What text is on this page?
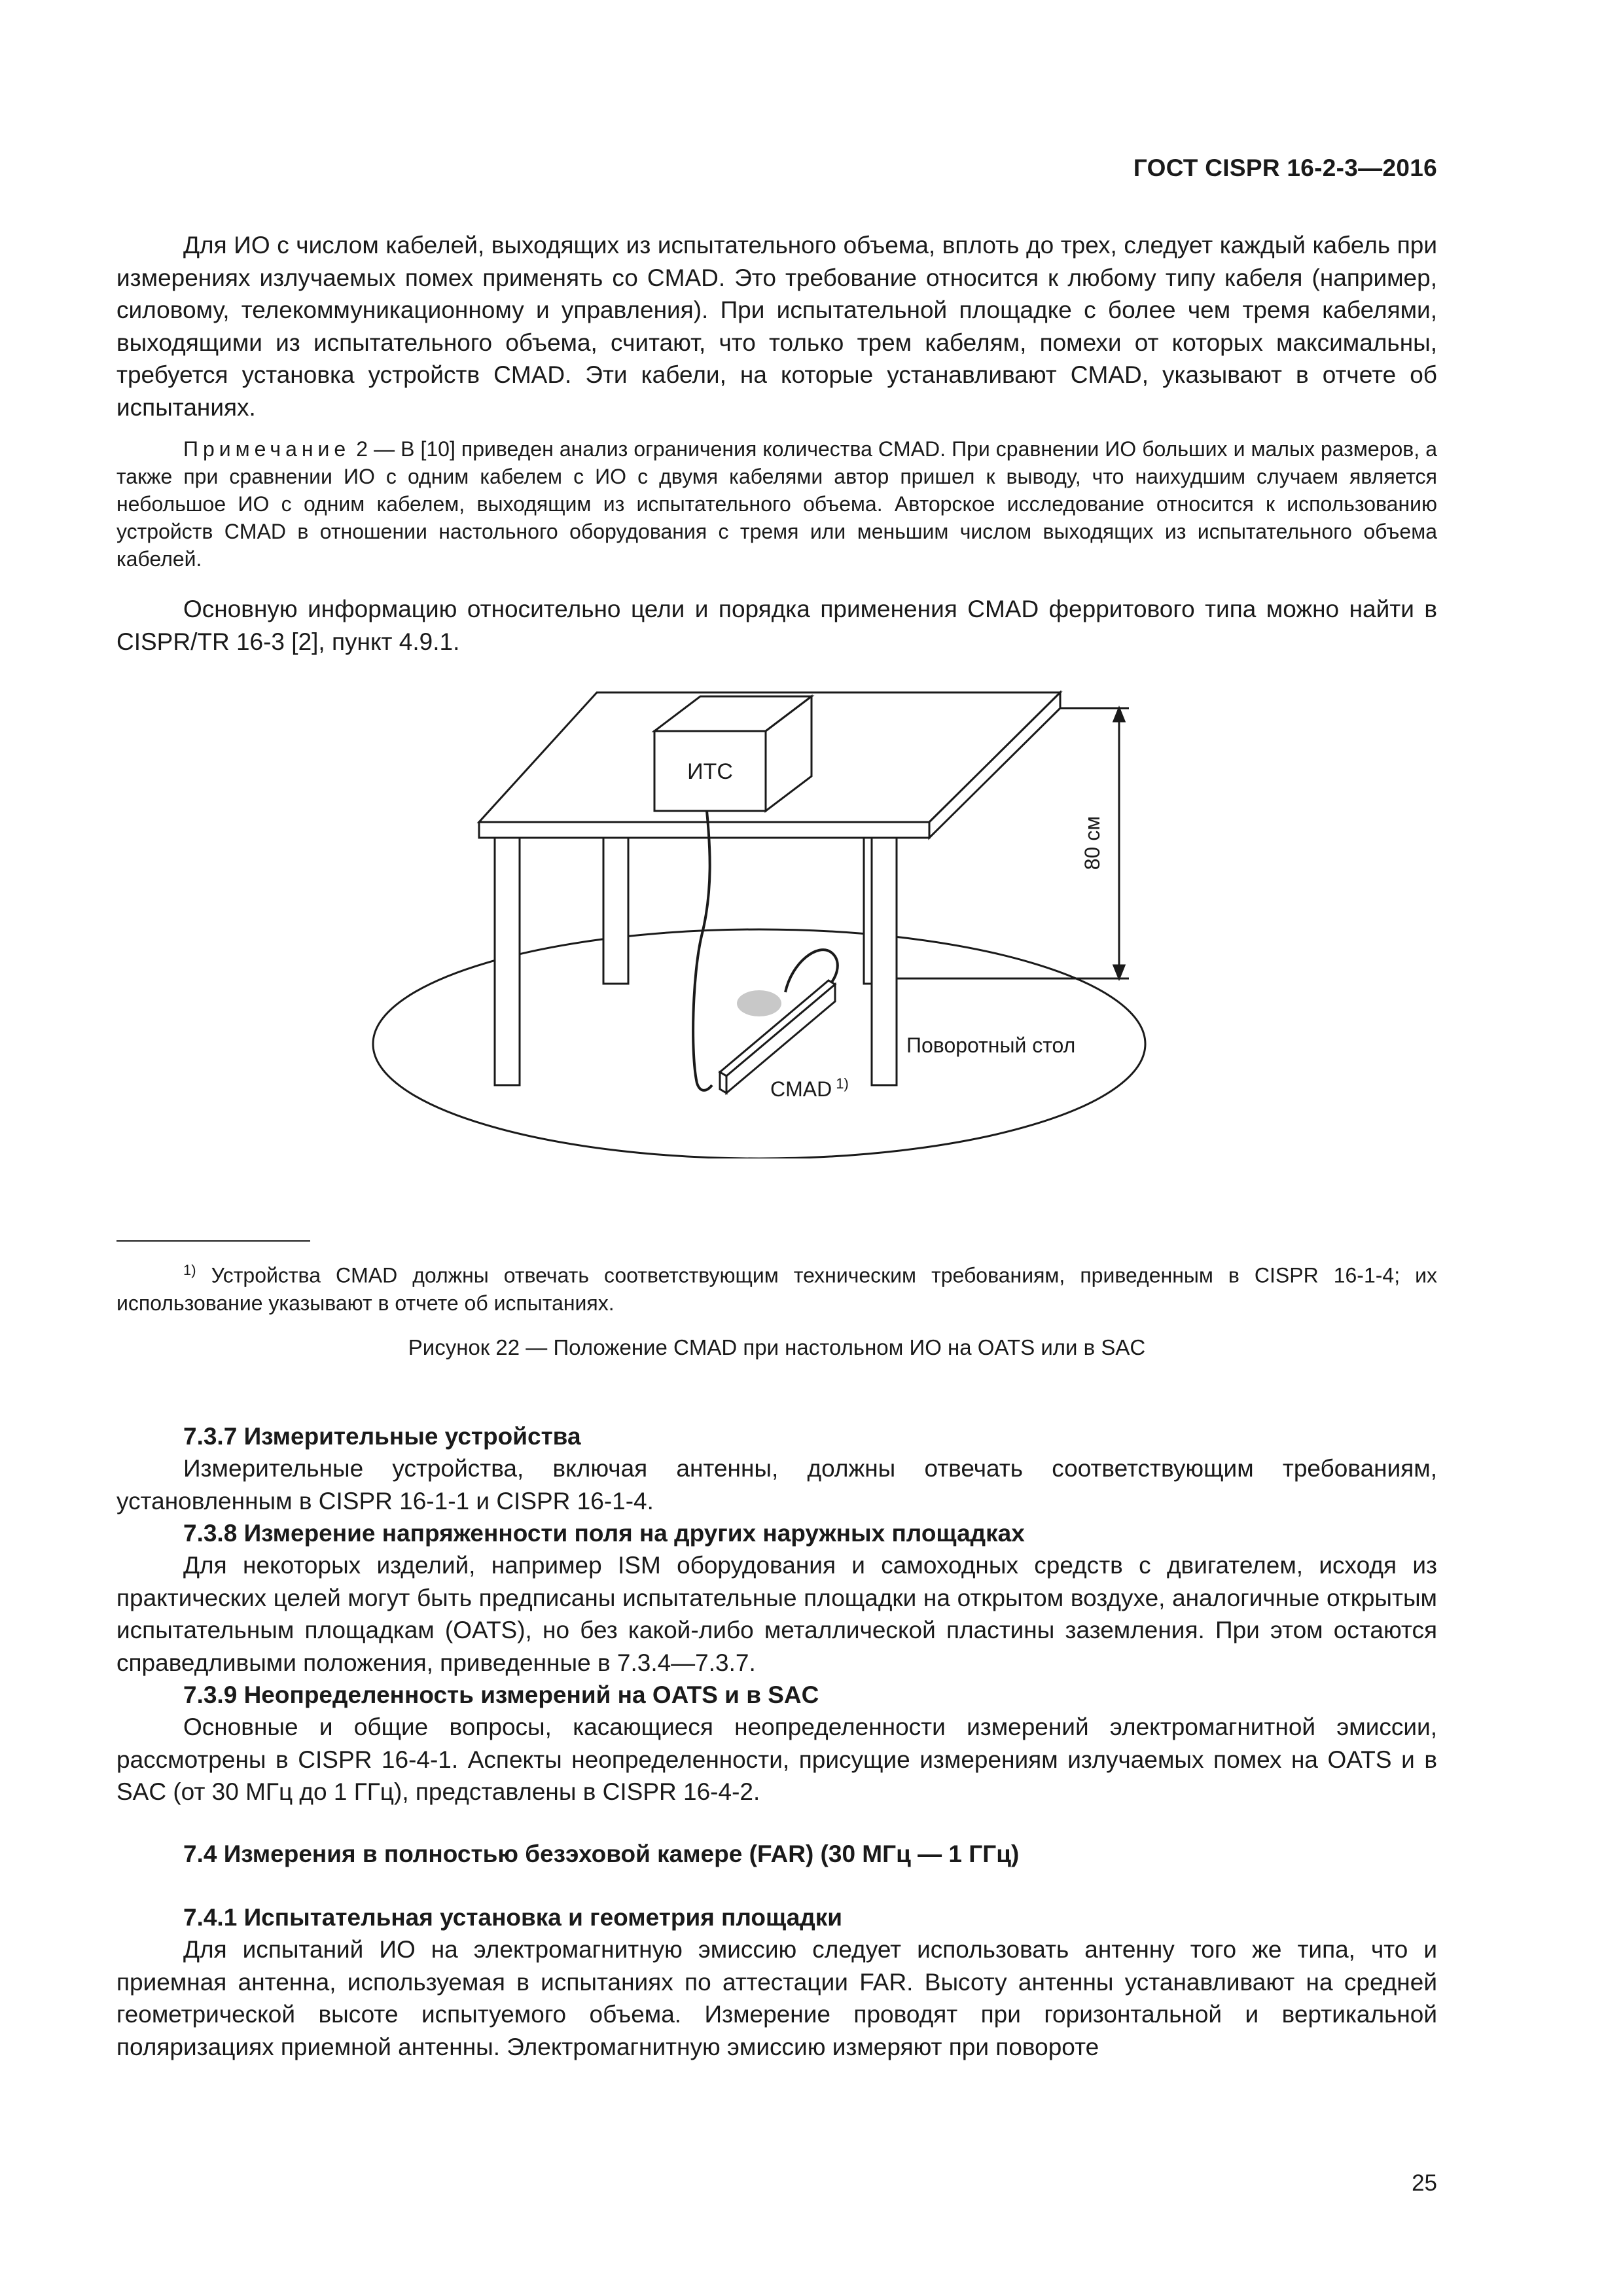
ГОСТ CISPR 16-2-3—2016

Для ИО с числом кабелей, выходящих из испытательного объема, вплоть до трех, следует каждый кабель при измерениях излучаемых помех применять со CMAD. Это требование относится к любому типу кабеля (например, силовому, телекоммуникационному и управления). При испытательной площадке с более чем тремя кабелями, выходящими из испытательного объема, считают, что только трем кабелям, помехи от которых максимальны, требуется установка устройств CMAD. Эти кабели, на которые устанавливают CMAD, указывают в отчете об испытаниях.

Примечание 2 — В [10] приведен анализ ограничения количества CMAD. При сравнении ИО больших и малых размеров, а также при сравнении ИО с одним кабелем с ИО с двумя кабелями автор пришел к выводу, что наихудшим случаем является небольшое ИО с одним кабелем, выходящим из испытательного объема. Авторское исследование относится к использованию устройств CMAD в отношении настольного оборудования с тремя или меньшим числом выходящих из испытательного объема кабелей.

Основную информацию относительно цели и порядка применения CMAD ферритового типа можно найти в CISPR/TR 16-3 [2], пункт 4.9.1.

ИТС
80 см
CMAD $^{1)}$
Поворотный стол

$^{1)}$ Устройства CMAD должны отвечать соответствующим техническим требованиям, приведенным в CISPR 16-1-4; их использование указывают в отчете об испытаниях.

Рисунок 22 — Положение CMAD при настольном ИО на OATS или в SAC

7.3.7 Измерительные устройства

Измерительные устройства, включая антенны, должны отвечать соответствующим требованиям, установленным в CISPR 16-1-1 и CISPR 16-1-4.

7.3.8 Измерение напряженности поля на других наружных площадках

Для некоторых изделий, например ISM оборудования и самоходных средств с двигателем, исходя из практических целей могут быть предписаны испытательные площадки на открытом воздухе, аналогичные открытым испытательным площадкам (OATS), но без какой-либо металлической пластины заземления. При этом остаются справедливыми положения, приведенные в 7.3.4—7.3.7.

7.3.9 Неопределенность измерений на OATS и в SAC

Основные и общие вопросы, касающиеся неопределенности измерений электромагнитной эмиссии, рассмотрены в CISPR 16-4-1. Аспекты неопределенности, присущие измерениям излучаемых помех на OATS и в SAC (от 30 МГц до 1 ГГц), представлены в CISPR 16-4-2.

7.4 Измерения в полностью безэховой камере (FAR) (30 МГц — 1 ГГц)

7.4.1 Испытательная установка и геометрия площадки

Для испытаний ИО на электромагнитную эмиссию следует использовать антенну того же типа, что и приемная антенна, используемая в испытаниях по аттестации FAR. Высоту антенны устанавливают на средней геометрической высоте испытуемого объема. Измерение проводят при горизонтальной и вертикальной поляризациях приемной антенны. Электромагнитную эмиссию измеряют при повороте

25
